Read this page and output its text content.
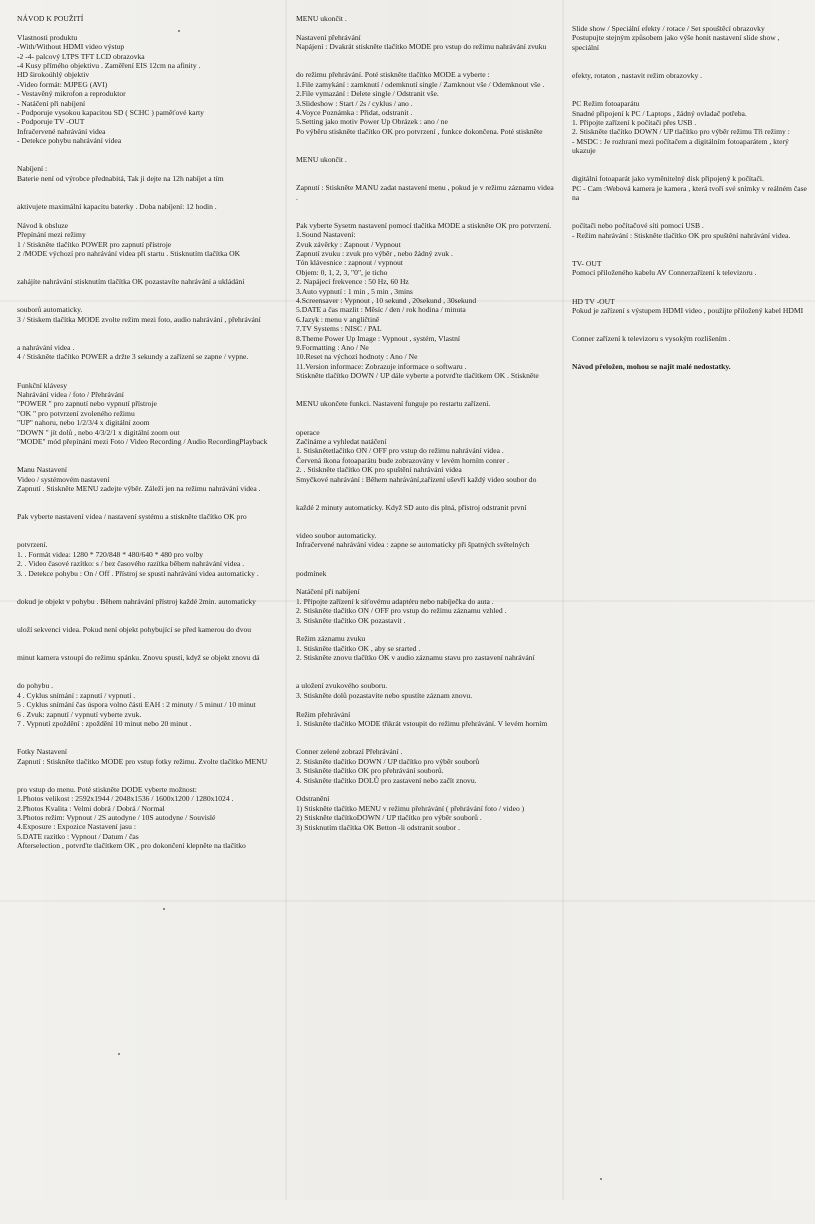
NÁVOD K POUŽITÍ
Vlastnosti produktu
-With/Without HDMI video výstup
-2 -4- palcový LTPS TFT LCD obrazovka
-4 Kusy přímého objektivu . Zaměření EIS 12cm na afinity .
HD širokoúhlý objektiv
-Video formát: MJPEG (AVI)
- Vestavěný mikrofon a reproduktor
- Natáčení při nabíjení
- Podporuje vysokou kapacitou SD ( SCHC ) paměťové karty
- Podporuje TV -OUT
Infračervené nahrávání videa
- Detekce pohybu nahrávání videa
Nabíjení :
Baterie není od výrobce přednabitá, Tak ji dejte na 12h nabíjet a tím
aktivujete maximální kapacitu baterky . Doba nabíjení: 12 hodin .
Návod k obsluze
Přepínání mezi režimy
1 / Stiskněte tlačítko POWER pro zapnutí přístroje
2 /MODE výchozí pro nahrávání videa při startu . Stisknutím tlačítka OK
zahájíte nahrávání stisknutím tlačítka OK pozastavíte nahrávání a ukládání
souborů automaticky.
3 / Stiskem tlačítka MODE zvolte režim mezi foto, audio nahrávání , přehrávání
a nahrávání videa .
4 / Stiskněte tlačítko POWER a držte 3 sekundy a zařízení se zapne / vypne.
Funkční klávesy
Nahrávání videa / foto / Přehrávání
"POWER " pro zapnutí nebo vypnutí přístroje
"OK " pro potvrzení zvoleného režimu
"UP" nahoru, nebo 1/2/3/4 x digitální zoom
"DOWN " jít dolů , nebo 4/3/2/1 x digitální zoom out
"MODE" mód přepínání mezi Foto / Video Recording / Audio RecordingPlayback
Manu Nastavení
Video / systémovém nastavení
Zapnutí . Stiskněte MENU zadejte výběr. Záleží jen na režimu nahrávání videa .
Pak vyberte nastavení videa / nastavení systému a stiskněte tlačítko OK pro
potvrzení.
1. . Formát videa: 1280 * 720/848 * 480/640 * 480 pro volby
2. . Video časové razítko: s / bez časového razítka během nahrávání videa .
3. . Detekce pohybu : On / Off . Přístroj se spustí nahrávání videa automaticky .
dokud je objekt v pohybu . Během nahrávání přístroj každé 2min. automaticky
uloží sekvenci videa. Pokud není objekt pohybující se před kamerou do dvou
minut kamera vstoupí do režimu spánku. Znovu spustí, když se objekt znovu dá
do pohybu .
4 . Cyklus snímání : zapnutí / vypnutí .
5 . Cyklus snímání čas úspora volno části EAH : 2 minuty / 5 minut / 10 minut
6 . Zvuk: zapnutí / vypnutí vyberte zvuk.
7 . Vypnutí zpoždění : zpoždění 10 minut nebo 20 minut .
Fotky Nastavení
Zapnutí : Stiskněte tlačítko MODE pro vstup fotky režimu. Zvolte tlačítko MENU
pro vstup do menu. Poté stiskněte DODE vyberte možnost:
1.Photos velikost : 2592x1944 / 2048x1536 / 1600x1200 / 1280x1024 .
2.Photos Kvalita : Velmi dobrá / Dobrá / Normal
3.Photos režim: Vypnout / 2S autodyne / 10S autodyne / Souvislé
4.Exposure : Expozice Nastavení jasu :
5.DATE razítko : Vypnout / Datum / čas
Afterselection , potvrďte tlačítkem OK , pro dokončení klepněte na tlačítko
MENU ukončit .
Nastavení přehrávání
Napájení : Dvakrát stiskněte tlačítko MODE pro vstup do režimu nahrávání zvuku
do režimu přehrávání. Poté stiskněte tlačítko MODE a vyberte :
1.File zamykání : zamknutí / odemknutí single / Zamknout vše / Odemknout vše .
2.File vymazání : Delete single / Odstranit vše.
3.Slideshow : Start / 2s / cyklus / ano .
4.Voyce Poznámka : Přidat, odstranit .
5.Setting jako motiv Power Up Obrázek : ano / ne
Po výběru stiskněte tlačítko OK pro potvrzení , funkce dokončena. Poté stiskněte
MENU ukončit .
Zapnutí : Stiskněte MANU zadat nastavení menu , pokud je v režimu záznamu videa .
Pak vyberte Sysetm nastavení pomocí tlačítka MODE a stiskněte OK pro potvrzení.
1.Sound Nastavení:
Zvuk závěrky : Zapnout / Vypnout
Zapnutí zvuku : zvuk pro výběr , nebo žádný zvuk .
Tón klávesnice : zapnout / vypnout
Objem: 0, 1, 2, 3, "0", je ticho
2. Napájecí frekvence : 50 Hz, 60 Hz
3.Auto vypnutí : 1 min , 5 min , 3mins
4.Screensaver : Vypnout , 10 sekund , 20sekund , 30sekund
5.DATE a čas mazlit : Měsíc / den / rok hodina / minuta
6.Jazyk : menu v angličtině
7.TV Systems : NISC / PAL
8.Theme Power Up Image : Vypnout , systém, Vlastní
9.Formatting : Ano / Ne
10.Reset na výchozí hodnoty : Ano / Ne
11.Version informace: Zobrazuje informace o softwaru .
Stiskněte tlačítko DOWN / UP dále vyberte a potvrďte tlačítkem OK . Stiskněte
MENU ukončete funkci. Nastavení funguje po restartu zařízení.
operace
Začínáme a vyhledat natáčení
1. Stisknětetlačítko ON / OFF pro vstup do režimu nahrávání videa .
Červená ikona fotoaparátu bude zobrazovány v levém horním conrer .
2. . Stiskněte tlačítko OK pro spuštění nahrávání videa
Smyčkové nahrávání : Během nahrávání,zařízení uševří každý video soubor do
každé 2 minuty automaticky. Když SD auto dis plná, přístroj odstranit první
video soubor automaticky.
Infračervené nahrávání videa : zapne se automaticky při špatných světelných
podmínek
Natáčení při nabíjení
1. Připojte zařízení k síťovému adaptéru nebo nabíječka do auta .
2. Stiskněte tlačítko ON / OFF pro vstup do režimu záznamu vzhled .
3. Stiskněte tlačítko OK pozastavit .
Režim záznamu zvuku
1. Stiskněte tlačítko OK , aby se srarted .
2. Stiskněte znovu tlačítko OK v audio záznamu stavu pro zastavení nahrávání
a uložení zvukového souboru.
3. Stiskněte dolů pozastavíte nebo spustíte záznam znovu.
Režim přehrávání
1. Stiskněte tlačítko MODE třikrát vstoupit do režimu přehrávání. V levém horním
Conner zelené zobrazí Přehrávání .
2. Stiskněte tlačítko DOWN / UP tlačítko pro výběr souborů
3. Stiskněte tlačítko OK pro přehrávání souborů.
4. Stiskněte tlačítko DOLŮ pro zastavení nebo začít znovu.
Odstranění
1) Stiskněte tlačítko MENU v režimu přehrávání ( přehrávání foto / video )
2) Stiskněte tlačítkoDOWN / UP tlačítko pro výběr souborů .
3) Stisknutím tlačítka OK Betton -li odstranit soubor .
Slide show / Speciální efekty / rotace / Set spouštěcí obrazovky
Postupujte stejným způsobem jako výše honit nastavení slide show , speciální
efekty, rotaton , nastavit režim obrazovky .
PC Režim fotoaparátu
Snadné připojení k PC / Laptops , žádný ovladač potřeba.
1. Připojte zařízení k počítači přes USB .
2. Stiskněte tlačítko DOWN / UP tlačítko pro výběr režimu Tři režimy :
- MSDC : Je rozhraní mezi počítačem a digitálním fotoaparátem , který ukazuje
digitální fotoaparát jako vyměnitelný disk připojený k počítači.
PC - Cam :Webová kamera je kamera , která tvoří své snímky v reálném čase na
počítači nebo počítačové síti pomocí USB .
- Režim nahrávání : Stiskněte tlačítko OK pro spuštění nahrávání videa.
TV- OUT
Pomocí přiloženého kabelu AV Connerzařízení k televizoru .
HD TV -OUT
Pokud je zařízení s výstupem HDMI video , použijte přiložený kabel HDMI
Conner zařízení k televizoru s vysokým rozlišením .
Návod přeložen, mohou se najít malé nedostatky.
